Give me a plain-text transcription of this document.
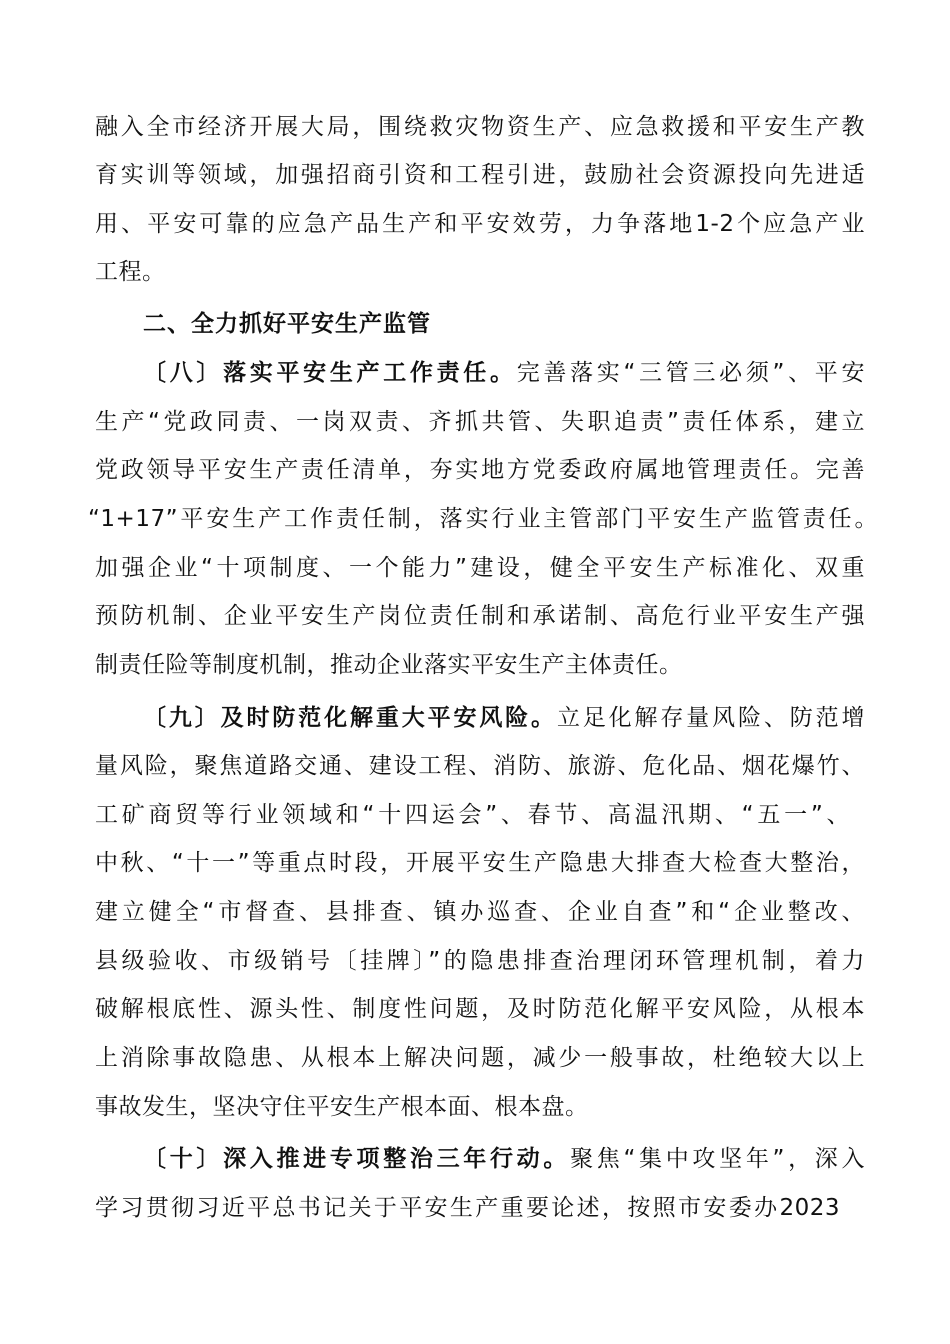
融入全市经济开展大局，围绕救灾物资生产、应急救援和平安生产教
育实训等领域，加强招商引资和工程引进，鼓励社会资源投向先进适
用、平安可靠的应急产品生产和平安效劳，力争落地1-2个应急产业
工程。
二、全力抓好平安生产监管
〔八〕落实平安生产工作责任。完善落实“三管三必须”、平安
生产“党政同责、一岗双责、齐抓共管、失职追责”责任体系，建立
党政领导平安生产责任清单，夯实地方党委政府属地管理责任。完善
“1+17”平安生产工作责任制，落实行业主管部门平安生产监管责任。
加强企业“十项制度、一个能力”建设，健全平安生产标准化、双重
预防机制、企业平安生产岗位责任制和承诺制、高危行业平安生产强
制责任险等制度机制，推动企业落实平安生产主体责任。
〔九〕及时防范化解重大平安风险。立足化解存量风险、防范增
量风险，聚焦道路交通、建设工程、消防、旅游、危化品、烟花爆竹、
工矿商贸等行业领域和“十四运会”、春节、高温汛期、“五一”、
中秋、“十一”等重点时段，开展平安生产隐患大排查大检查大整治，
建立健全“市督查、县排查、镇办巡查、企业自查”和“企业整改、
县级验收、市级销号〔挂牌〕”的隐患排查治理闭环管理机制，着力
破解根底性、源头性、制度性问题，及时防范化解平安风险，从根本
上消除事故隐患、从根本上解决问题，减少一般事故，杜绝较大以上
事故发生，坚决守住平安生产根本面、根本盘。
〔十〕深入推进专项整治三年行动。聚焦“集中攻坚年”，深入
学习贯彻习近平总书记关于平安生产重要论述，按照市安委办2023
